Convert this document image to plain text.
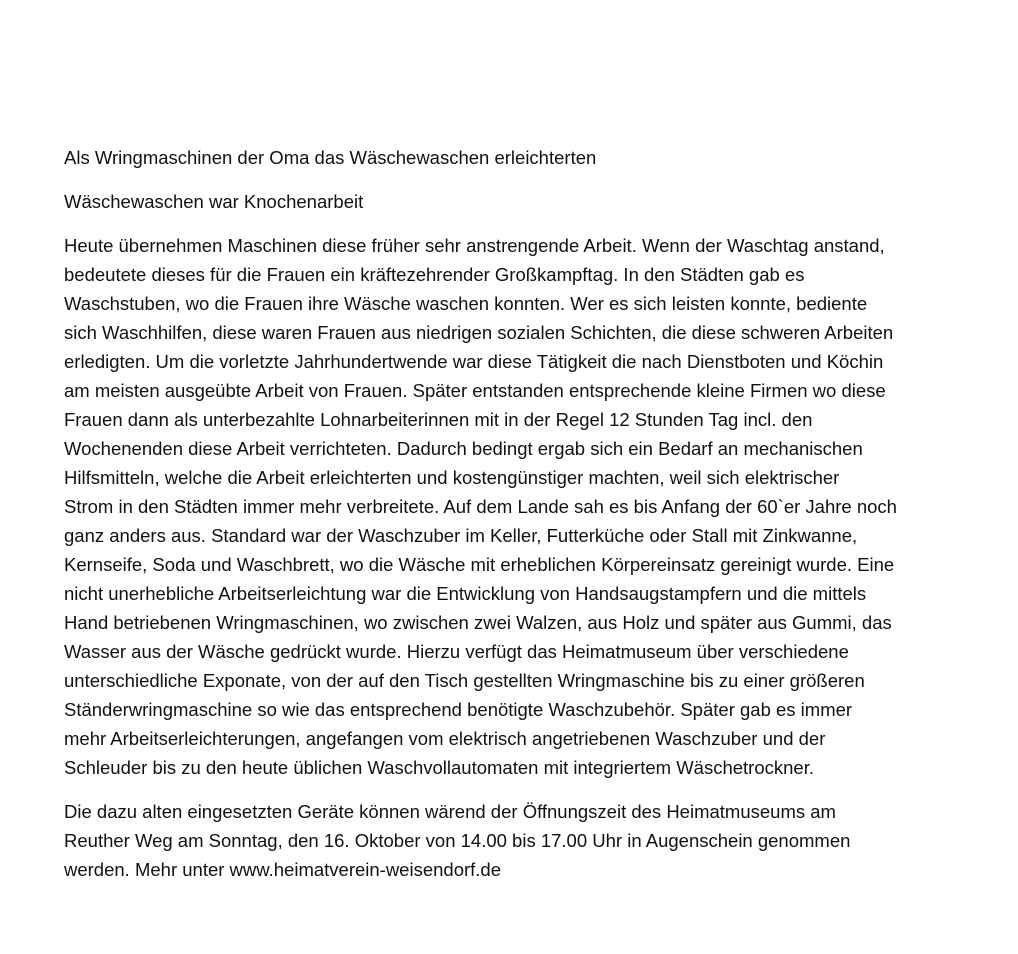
Als Wringmaschinen der Oma das Wäschewaschen erleichterten

Wäschewaschen war Knochenarbeit

Heute übernehmen Maschinen diese früher sehr anstrengende Arbeit. Wenn der Waschtag anstand,
bedeutete dieses für die Frauen ein kräftezehrender Großkampftag. In den Städten gab es
Waschstuben, wo die Frauen ihre Wäsche waschen konnten. Wer es sich leisten konnte, bediente
sich Waschhilfen, diese waren Frauen aus niedrigen sozialen Schichten, die diese schweren Arbeiten
erledigten. Um die vorletzte Jahrhundertwende war diese Tätigkeit die nach Dienstboten und Köchin
am meisten ausgeübte Arbeit von Frauen. Später entstanden entsprechende kleine Firmen wo diese
Frauen dann als unterbezahlte Lohnarbeiterinnen mit in der Regel 12 Stunden Tag incl. den
Wochenenden diese Arbeit verrichteten. Dadurch bedingt ergab sich ein Bedarf an mechanischen
Hilfsmitteln, welche die Arbeit erleichterten und kostengünstiger machten, weil sich elektrischer
Strom in den Städten immer mehr verbreitete. Auf dem Lande sah es bis Anfang der 60`er Jahre noch
ganz anders aus. Standard war der Waschzuber im Keller, Futterküche oder Stall mit Zinkwanne,
Kernseife, Soda und Waschbrett, wo die Wäsche mit erheblichen Körpereinsatz gereinigt wurde. Eine
nicht unerhebliche Arbeitserleichtung war die Entwicklung von Handsaugstampfern und die mittels
Hand betriebenen Wringmaschinen, wo zwischen zwei Walzen, aus Holz und später aus Gummi, das
Wasser aus der Wäsche gedrückt wurde. Hierzu verfügt das Heimatmuseum über verschiedene
unterschiedliche Exponate, von der auf den Tisch gestellten Wringmaschine bis zu einer größeren
Ständerwringmaschine so wie das entsprechend benötigte Waschzubehör. Später gab es immer
mehr Arbeitserleichterungen, angefangen vom elektrisch angetriebenen Waschzuber und der
Schleuder bis zu den heute üblichen Waschvollautomaten mit integriertem Wäschetrockner.

Die dazu alten eingesetzten Geräte können wärend der Öffnungszeit des Heimatmuseums am
Reuther Weg am Sonntag, den 16. Oktober von 14.00 bis 17.00 Uhr in Augenschein genommen
werden. Mehr unter www.heimatverein-weisendorf.de
